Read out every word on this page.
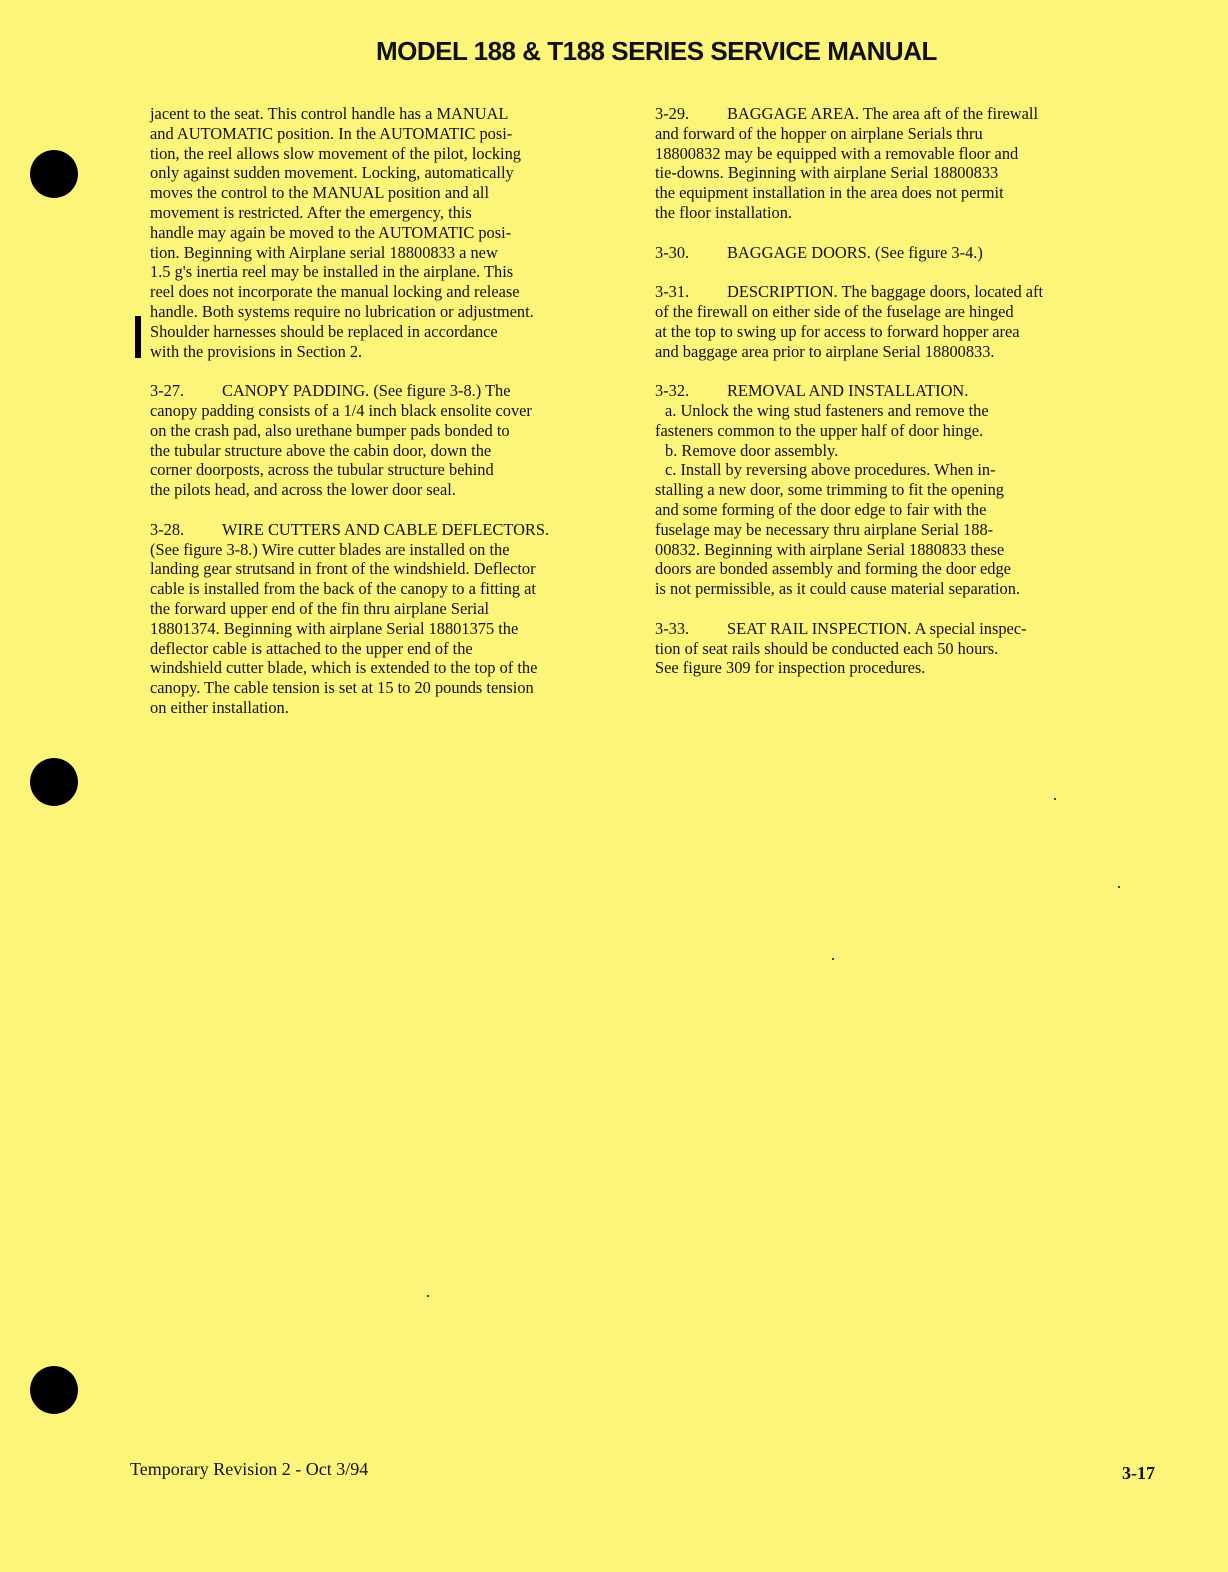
MODEL 188 & T188 SERIES SERVICE MANUAL
jacent to the seat. This control handle has a MANUAL
and AUTOMATIC position. In the AUTOMATIC posi-
tion, the reel allows slow movement of the pilot, locking
only against sudden movement. Locking, automatically
moves the control to the MANUAL position and all
movement is restricted. After the emergency, this
handle may again be moved to the AUTOMATIC posi-
tion. Beginning with Airplane serial 18800833 a new
1.5 g's inertia reel may be installed in the airplane. This
reel does not incorporate the manual locking and release
handle. Both systems require no lubrication or adjustment.
Shoulder harnesses should be replaced in accordance
with the provisions in Section 2.
3-27. CANOPY PADDING. (See figure 3-8.) The
canopy padding consists of a 1/4 inch black ensolite cover
on the crash pad, also urethane bumper pads bonded to
the tubular structure above the cabin door, down the
corner doorposts, across the tubular structure behind
the pilots head, and across the lower door seal.
3-28. WIRE CUTTERS AND CABLE DEFLECTORS.
(See figure 3-8.) Wire cutter blades are installed on the
landing gear strutsand in front of the windshield. Deflector
cable is installed from the back of the canopy to a fitting at
the forward upper end of the fin thru airplane Serial
18801374. Beginning with airplane Serial 18801375 the
deflector cable is attached to the upper end of the
windshield cutter blade, which is extended to the top of the
canopy. The cable tension is set at 15 to 20 pounds tension
on either installation.
3-29. BAGGAGE AREA. The area aft of the firewall
and forward of the hopper on airplane Serials thru
18800832 may be equipped with a removable floor and
tie-downs. Beginning with airplane Serial 18800833
the equipment installation in the area does not permit
the floor installation.
3-30. BAGGAGE DOORS. (See figure 3-4.)
3-31. DESCRIPTION. The baggage doors, located aft
of the firewall on either side of the fuselage are hinged
at the top to swing up for access to forward hopper area
and baggage area prior to airplane Serial 18800833.
3-32. REMOVAL AND INSTALLATION.
a. Unlock the wing stud fasteners and remove the
fasteners common to the upper half of door hinge.
b. Remove door assembly.
c. Install by reversing above procedures. When in-
stalling a new door, some trimming to fit the opening
and some forming of the door edge to fair with the
fuselage may be necessary thru airplane Serial 188-
00832. Beginning with airplane Serial 1880833 these
doors are bonded assembly and forming the door edge
is not permissible, as it could cause material separation.
3-33. SEAT RAIL INSPECTION. A special inspec-
tion of seat rails should be conducted each 50 hours.
See figure 309 for inspection procedures.
Temporary Revision 2 - Oct 3/94	3-17
